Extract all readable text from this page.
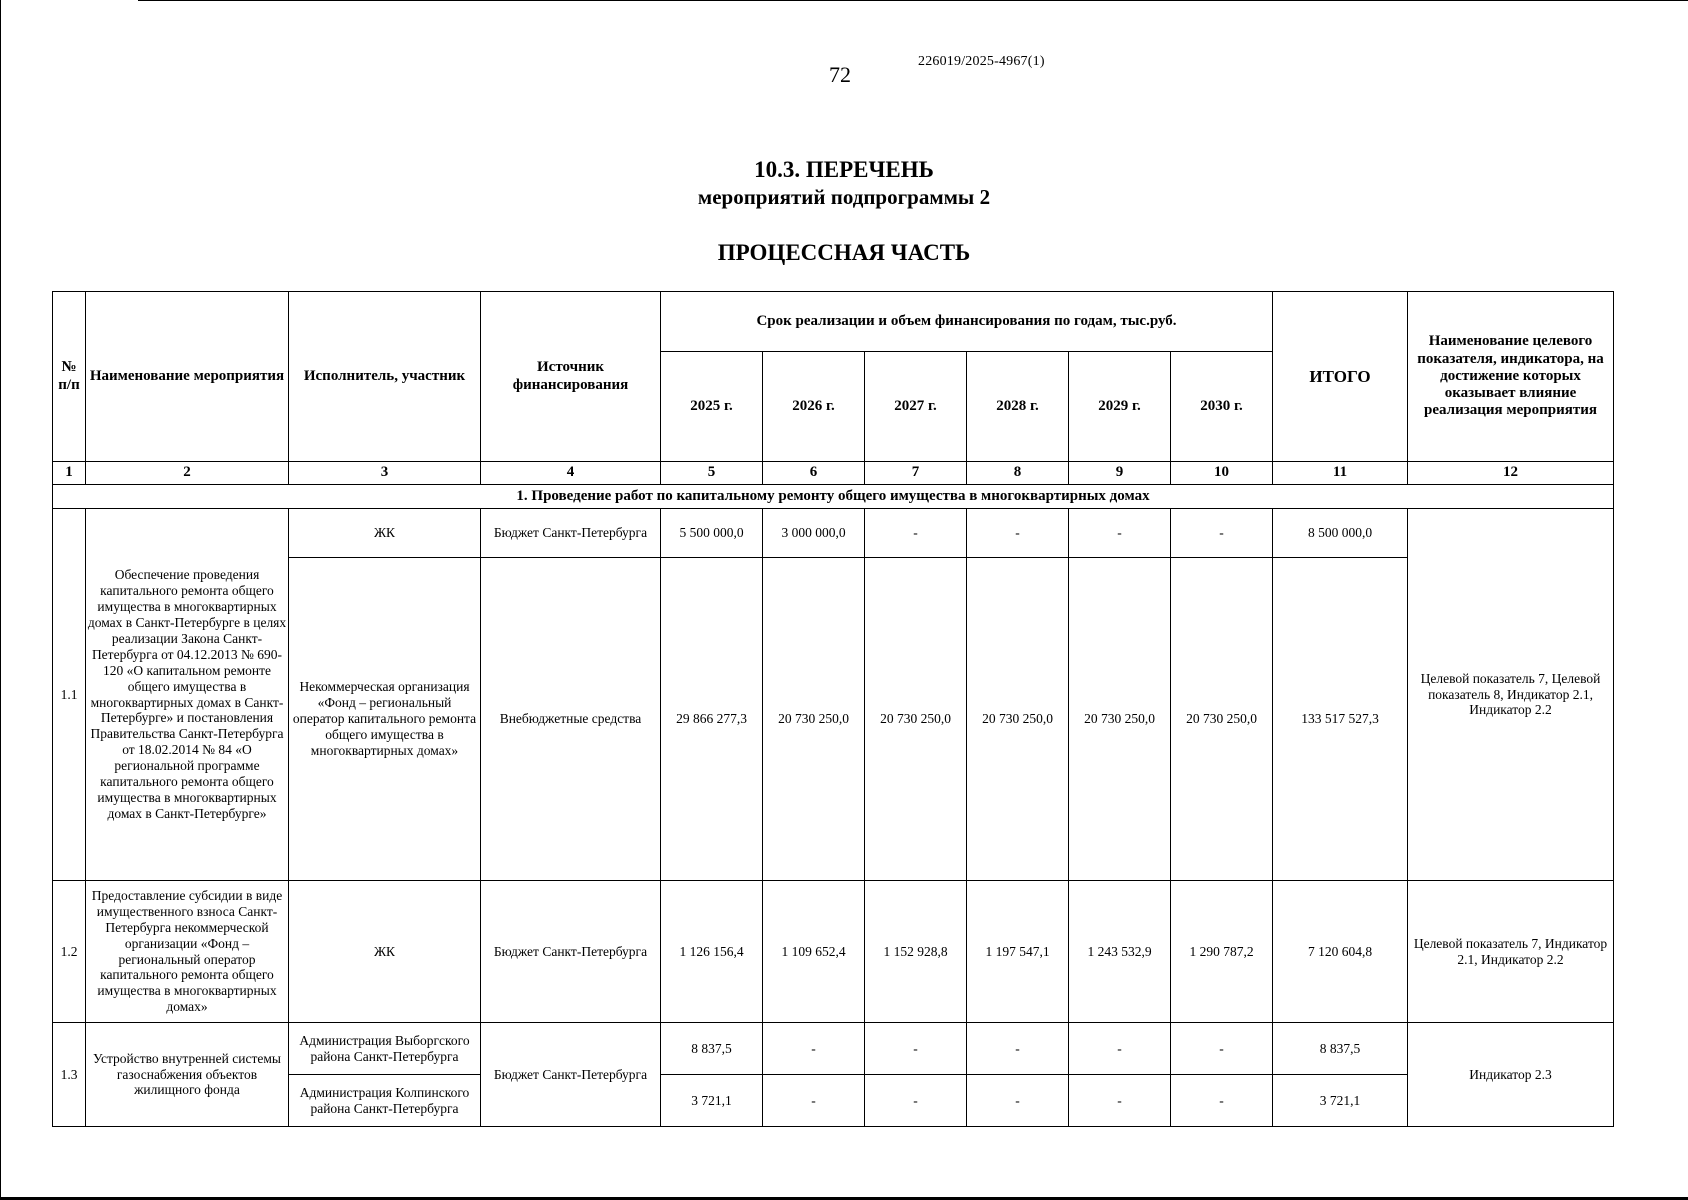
72
226019/2025-4967(1)
10.3. ПЕРЕЧЕНЬ
мероприятий подпрограммы 2
ПРОЦЕССНАЯ ЧАСТЬ
№ п/п	Наименование мероприятия	Исполнитель, участник	Источник финансирования	Срок реализации и объем финансирования по годам, тыс.руб.						ИТОГО	Наименование целевого показателя, индикатора, на достижение которых оказывает влияние реализация мероприятия
				2025 г.	2026 г.	2027 г.	2028 г.	2029 г.	2030 г.		
1	2	3	4	5	6	7	8	9	10	11	12
1. Проведение работ по капитальному ремонту общего имущества в многоквартирных домах											
1.1	Обеспечение проведения капитального ремонта общего имущества в многоквартирных домах в Санкт-Петербурге в целях реализации Закона Санкт-Петербурга от 04.12.2013 № 690-120 «О капитальном ремонте общего имущества в многоквартирных домах в Санкт-Петербурге» и постановления Правительства Санкт-Петербурга от 18.02.2014 № 84 «О региональной программе капитального ремонта общего имущества в многоквартирных домах в Санкт-Петербурге»	ЖК	Бюджет Санкт-Петербурга	5 500 000,0	3 000 000,0	-	-	-	-	8 500 000,0	Целевой показатель 7, Целевой показатель 8, Индикатор 2.1, Индикатор 2.2
		Некоммерческая организация «Фонд – региональный оператор капитального ремонта общего имущества в многоквартирных домах»	Внебюджетные средства	29 866 277,3	20 730 250,0	20 730 250,0	20 730 250,0	20 730 250,0	20 730 250,0	133 517 527,3	
1.2	Предоставление субсидии в виде имущественного взноса Санкт-Петербурга некоммерческой организации «Фонд – региональный оператор капитального ремонта общего имущества в многоквартирных домах»	ЖК	Бюджет Санкт-Петербурга	1 126 156,4	1 109 652,4	1 152 928,8	1 197 547,1	1 243 532,9	1 290 787,2	7 120 604,8	Целевой показатель 7, Индикатор 2.1, Индикатор 2.2
1.3	Устройство внутренней системы газоснабжения объектов жилищного фонда	Администрация Выборгского района Санкт-Петербурга	Бюджет Санкт-Петербурга	8 837,5	-	-	-	-	-	8 837,5	Индикатор 2.3
		Администрация Колпинского района Санкт-Петербурга		3 721,1	-	-	-	-	-	3 721,1	
